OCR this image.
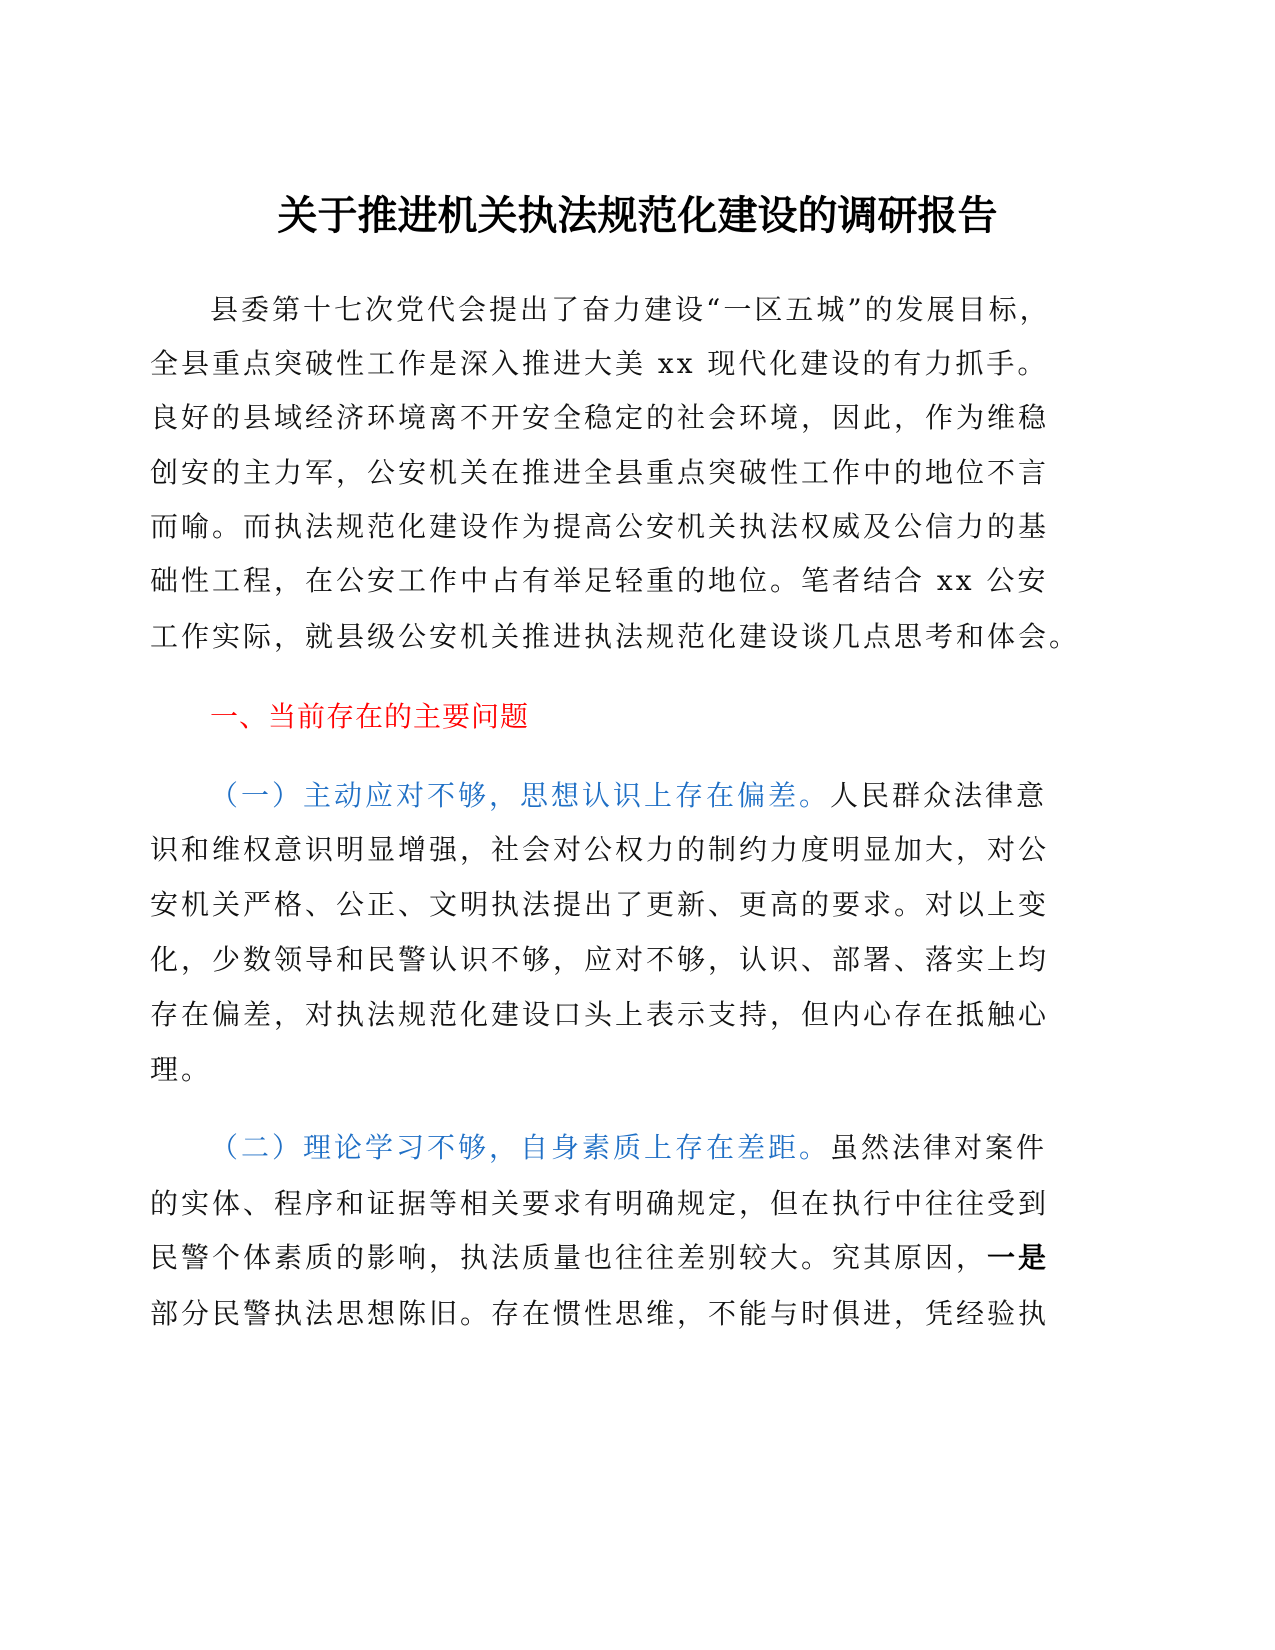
关于推进机关执法规范化建设的调研报告
县委第十七次党代会提出了奋力建设“一区五城”的发展目标，
全县重点突破性工作是深入推进大美 xx 现代化建设的有力抓手。
良好的县域经济环境离不开安全稳定的社会环境，因此，作为维稳
创安的主力军，公安机关在推进全县重点突破性工作中的地位不言
而喻。而执法规范化建设作为提高公安机关执法权威及公信力的基
础性工程，在公安工作中占有举足轻重的地位。笔者结合 xx 公安
工作实际，就县级公安机关推进执法规范化建设谈几点思考和体会。
一、当前存在的主要问题
（一）主动应对不够，思想认识上存在偏差。人民群众法律意
识和维权意识明显增强，社会对公权力的制约力度明显加大，对公
安机关严格、公正、文明执法提出了更新、更高的要求。对以上变
化，少数领导和民警认识不够，应对不够，认识、部署、落实上均
存在偏差，对执法规范化建设口头上表示支持，但内心存在抵触心
理。
（二）理论学习不够，自身素质上存在差距。虽然法律对案件
的实体、程序和证据等相关要求有明确规定，但在执行中往往受到
民警个体素质的影响，执法质量也往往差别较大。究其原因，一是
部分民警执法思想陈旧。存在惯性思维，不能与时俱进，凭经验执
